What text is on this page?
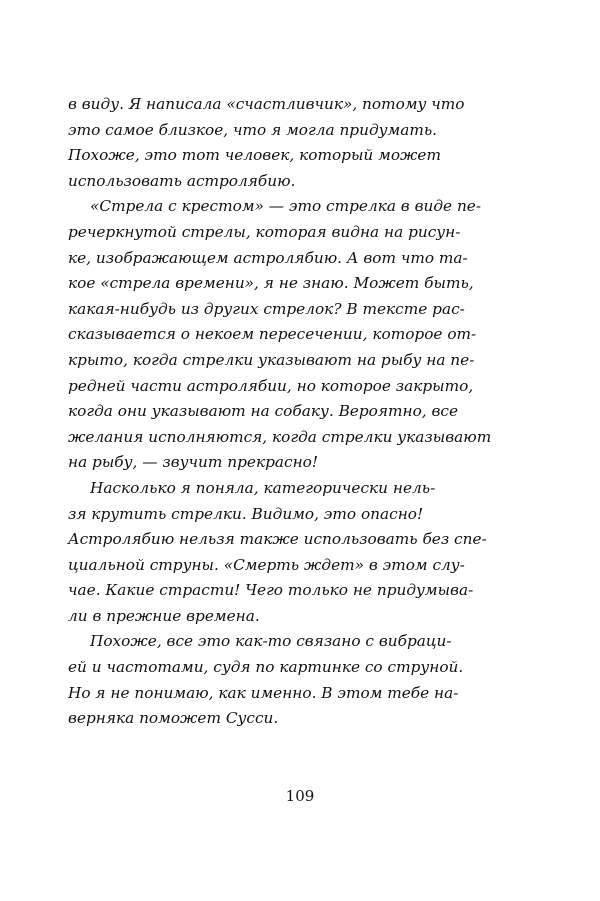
в виду. Я написала «счастливчик», потому что
это самое близкое, что я могла придумать.
Похоже, это тот человек, который может
использовать астролябию.
«Стрела с крестом» — это стрелка в виде пе-
речеркнутой стрелы, которая видна на рисун-
ке, изображающем астролябию. А вот что та-
кое «стрела времени», я не знаю. Может быть,
какая-нибудь из других стрелок? В тексте рас-
сказывается о некоем пересечении, которое от-
крыто, когда стрелки указывают на рыбу на пе-
редней части астролябии, но которое закрыто,
когда они указывают на собаку. Вероятно, все
желания исполняются, когда стрелки указывают
на рыбу, — звучит прекрасно!
Насколько я поняла, категорически нель-
зя крутить стрелки. Видимо, это опасно!
Астролябию нельзя также использовать без спе-
циальной струны. «Смерть ждет» в этом слу-
чае. Какие страсти! Чего только не придумыва-
ли в прежние времена.
Похоже, все это как-то связано с вибраци-
ей и частотами, судя по картинке со струной.
Но я не понимаю, как именно. В этом тебе на-
верняка поможет Сусси.
109
